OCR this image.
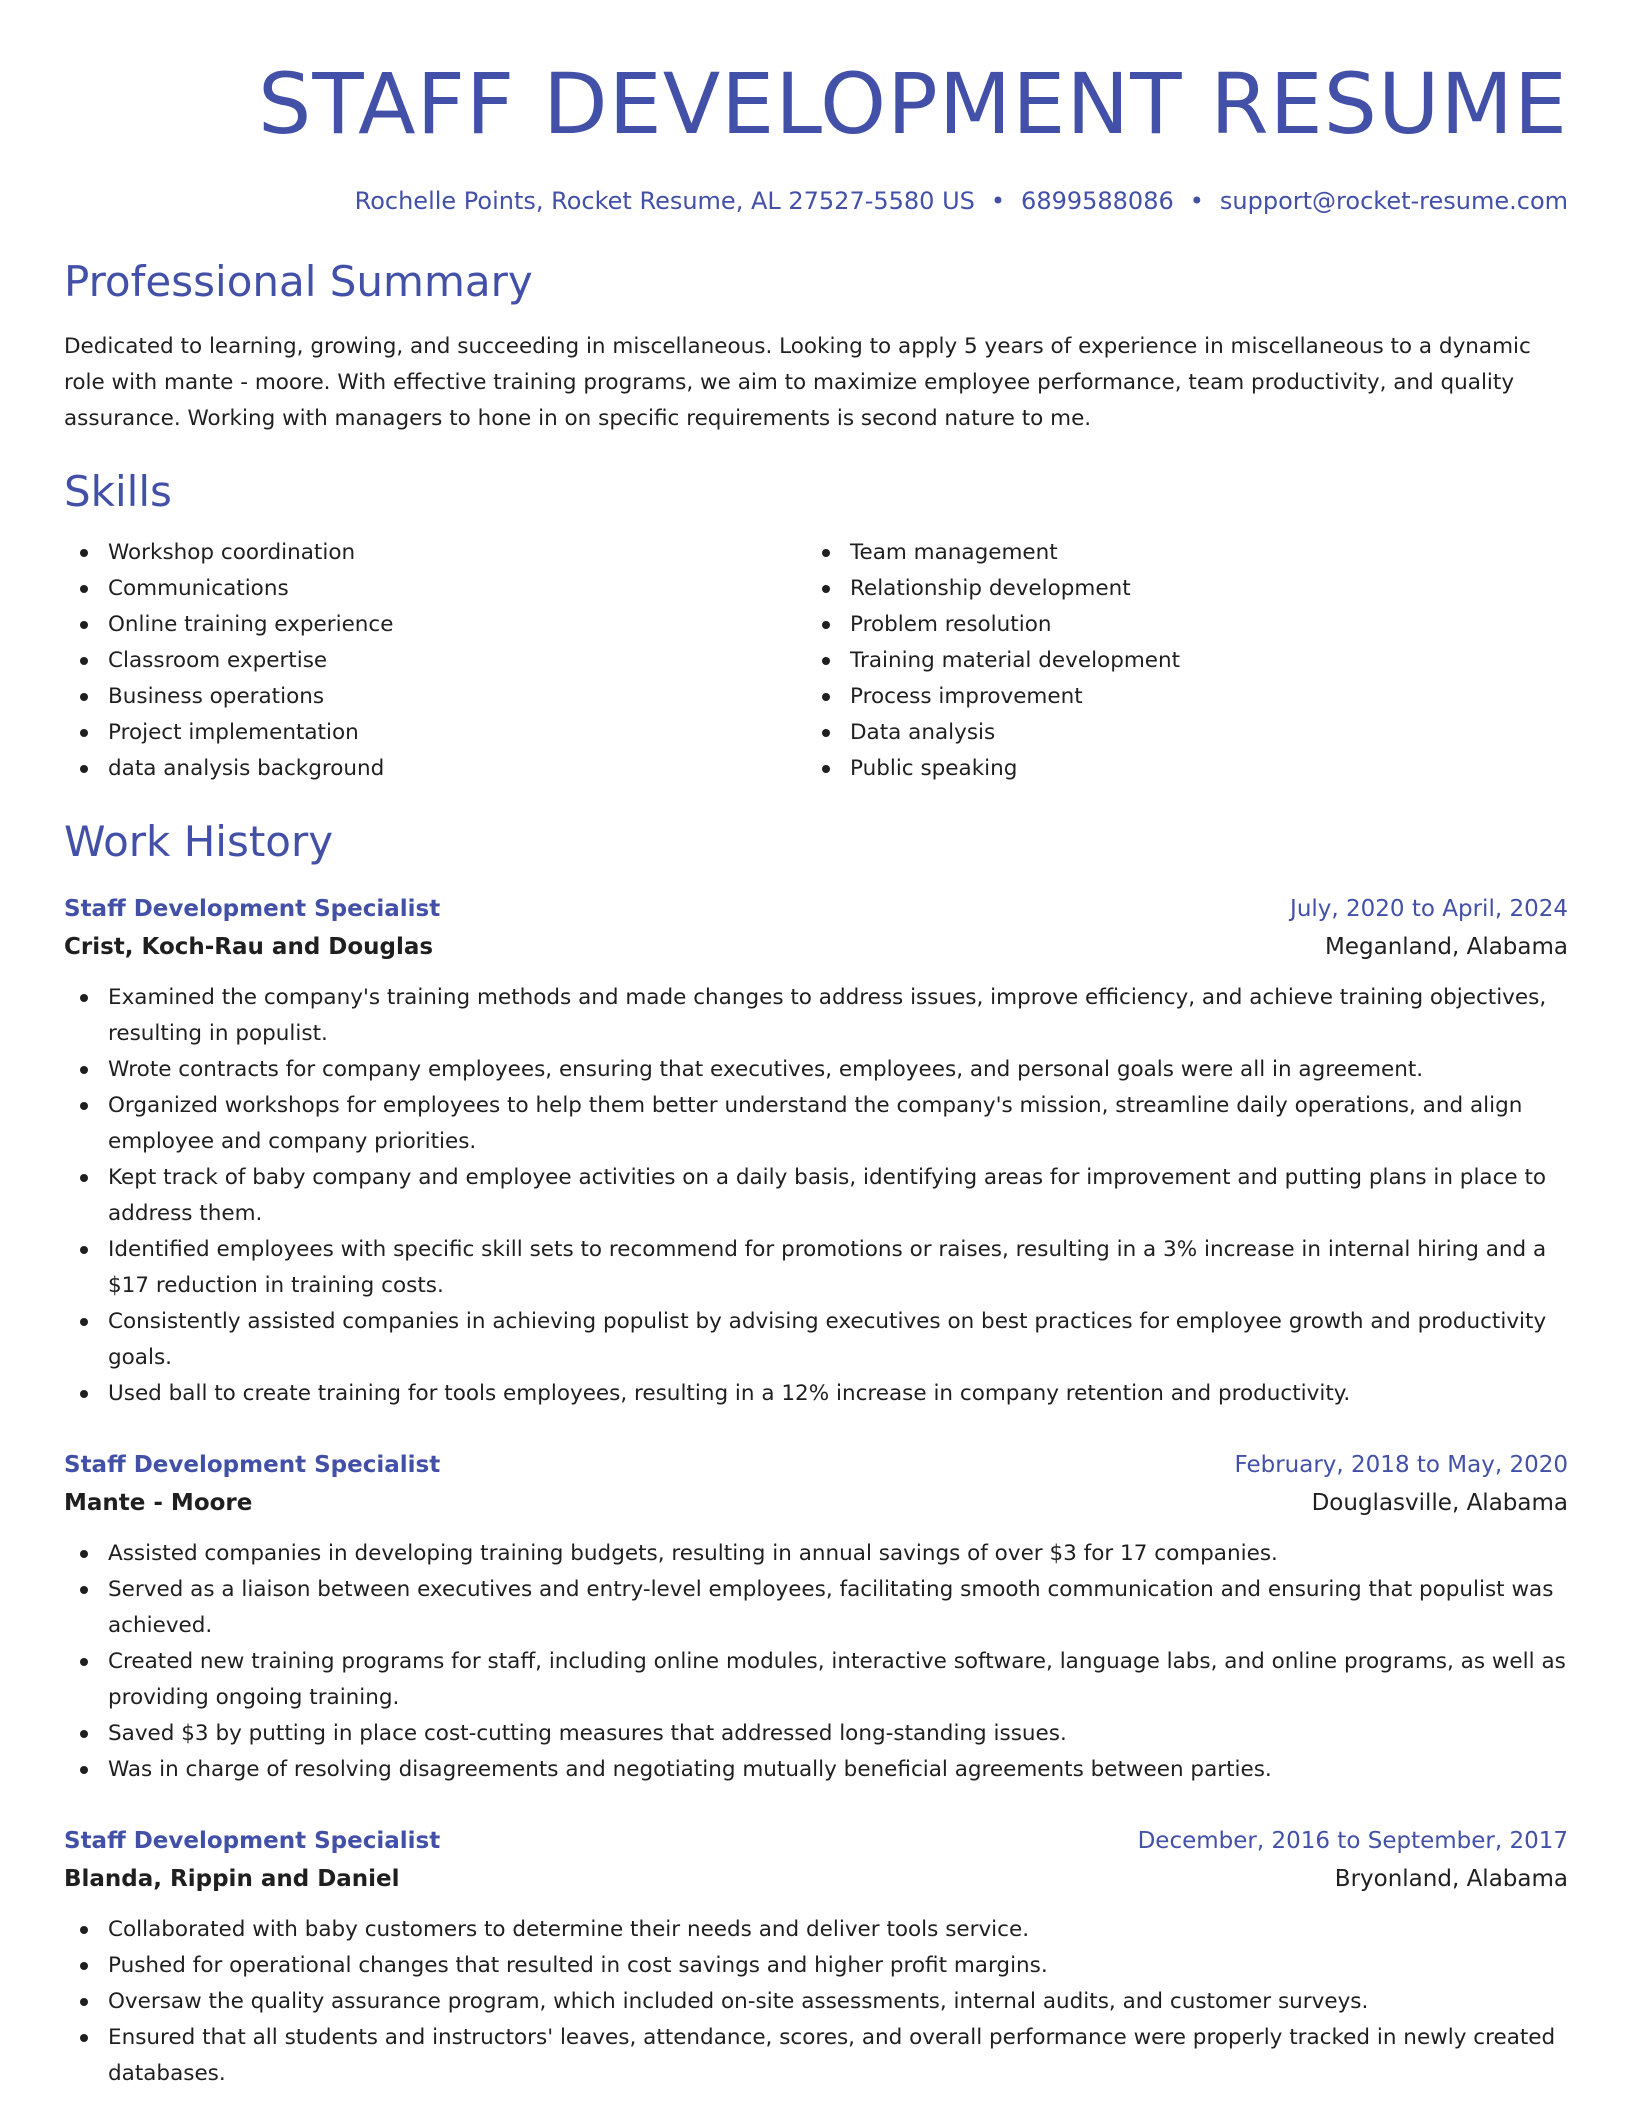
STAFF DEVELOPMENT RESUME
Rochelle Points, Rocket Resume, AL 27527-5580 US • 6899588086 • support@rocket-resume.com
Professional Summary

Dedicated to learning, growing, and succeeding in miscellaneous. Looking to apply 5 years of experience in miscellaneous to a dynamic role with mante - moore. With effective training programs, we aim to maximize employee performance, team productivity, and quality assurance. Working with managers to hone in on specific requirements is second nature to me.

Skills
Workshop coordination
Communications
Online training experience
Classroom expertise
Business operations
Project implementation
data analysis background
Team management
Relationship development
Problem resolution
Training material development
Process improvement
Data analysis
Public speaking
Work History
Staff Development Specialist	July, 2020 to April, 2024
Crist, Koch-Rau and Douglas	Meganland, Alabama
Examined the company's training methods and made changes to address issues, improve efficiency, and achieve training objectives, resulting in populist.
Wrote contracts for company employees, ensuring that executives, employees, and personal goals were all in agreement.
Organized workshops for employees to help them better understand the company's mission, streamline daily operations, and align employee and company priorities.
Kept track of baby company and employee activities on a daily basis, identifying areas for improvement and putting plans in place to address them.
Identified employees with specific skill sets to recommend for promotions or raises, resulting in a 3% increase in internal hiring and a $17 reduction in training costs.
Consistently assisted companies in achieving populist by advising executives on best practices for employee growth and productivity goals.
Used ball to create training for tools employees, resulting in a 12% increase in company retention and productivity.
Staff Development Specialist	February, 2018 to May, 2020
Mante - Moore	Douglasville, Alabama
Assisted companies in developing training budgets, resulting in annual savings of over $3 for 17 companies.
Served as a liaison between executives and entry-level employees, facilitating smooth communication and ensuring that populist was achieved.
Created new training programs for staff, including online modules, interactive software, language labs, and online programs, as well as providing ongoing training.
Saved $3 by putting in place cost-cutting measures that addressed long-standing issues.
Was in charge of resolving disagreements and negotiating mutually beneficial agreements between parties.
Staff Development Specialist	December, 2016 to September, 2017
Blanda, Rippin and Daniel	Bryonland, Alabama
Collaborated with baby customers to determine their needs and deliver tools service.
Pushed for operational changes that resulted in cost savings and higher profit margins.
Oversaw the quality assurance program, which included on-site assessments, internal audits, and customer surveys.
Ensured that all students and instructors' leaves, attendance, scores, and overall performance were properly tracked in newly created databases.
